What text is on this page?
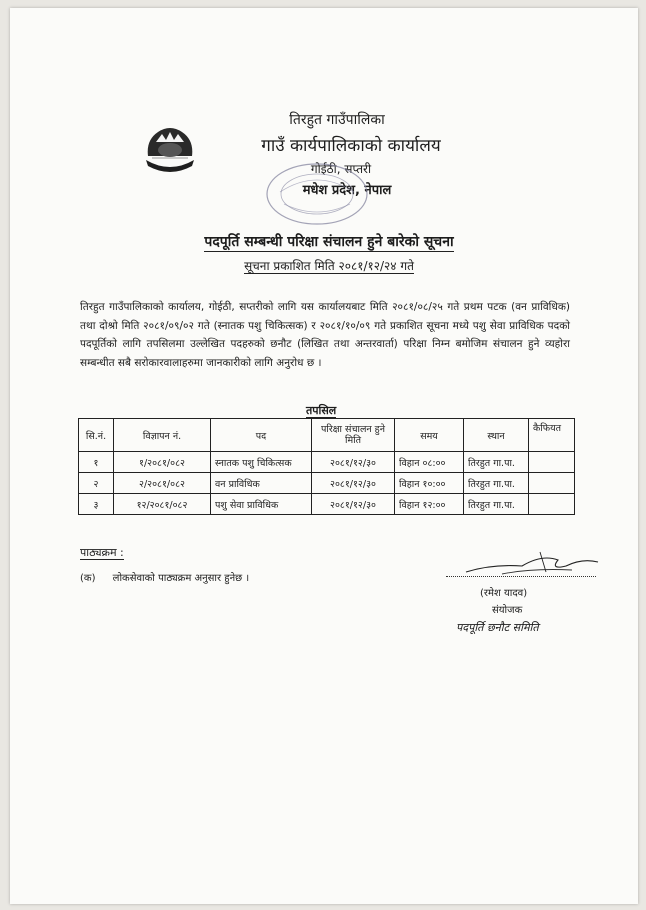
तिरहुत गाउँपालिका
गाउँ कार्यपालिकाको कार्यालय
गोईठी, सप्तरी
मधेश प्रदेश, नेपाल
पदपूर्ति सम्बन्धी परिक्षा संचालन हुने बारेको सूचना
सूचना प्रकाशित मिति २०८१/१२/२४ गते
तिरहुत गाउँपालिकाको कार्यालय, गोईठी, सप्तरीको लागि यस कार्यालयबाट मिति २०८१/०८/२५ गते प्रथम पटक (वन प्राविधिक) तथा दोश्रो मिति २०८१/०९/०२ गते (स्नातक पशु चिकित्सक) र २०८१/१०/०९ गते प्रकाशित सूचना मध्ये पशु सेवा प्राविधिक पदको पदपूर्तिको लागि तपसिलमा उल्लेखित पदहरुको छनौट (लिखित तथा अन्तरवार्ता) परिक्षा निम्न बमोजिम संचालन हुने व्यहोरा सम्बन्धीत सबै सरोकारवालाहरुमा जानकारीको लागि अनुरोध छ ।
तपसिल
सि.नं.	विज्ञापन नं.	पद	परिक्षा संचालन हुने मिति	समय	स्थान	कैफियत
१	१/२०८१/०८२	स्नातक पशु चिकित्सक	२०८१/१२/३०	विहान ०८:००	तिरहुत गा.पा.	
२	२/२०८१/०८२	वन प्राविधिक	२०८१/१२/३०	विहान १०:००	तिरहुत गा.पा.	
३	१२/२०८१/०८२	पशु सेवा प्राविधिक	२०८१/१२/३०	विहान १२:००	तिरहुत गा.पा.	
पाठ्यक्रम :
(क) लोकसेवाको पाठ्यक्रम अनुसार हुनेछ ।
(रमेश यादव)
संयोजक
पदपूर्ति छनौट समिति
